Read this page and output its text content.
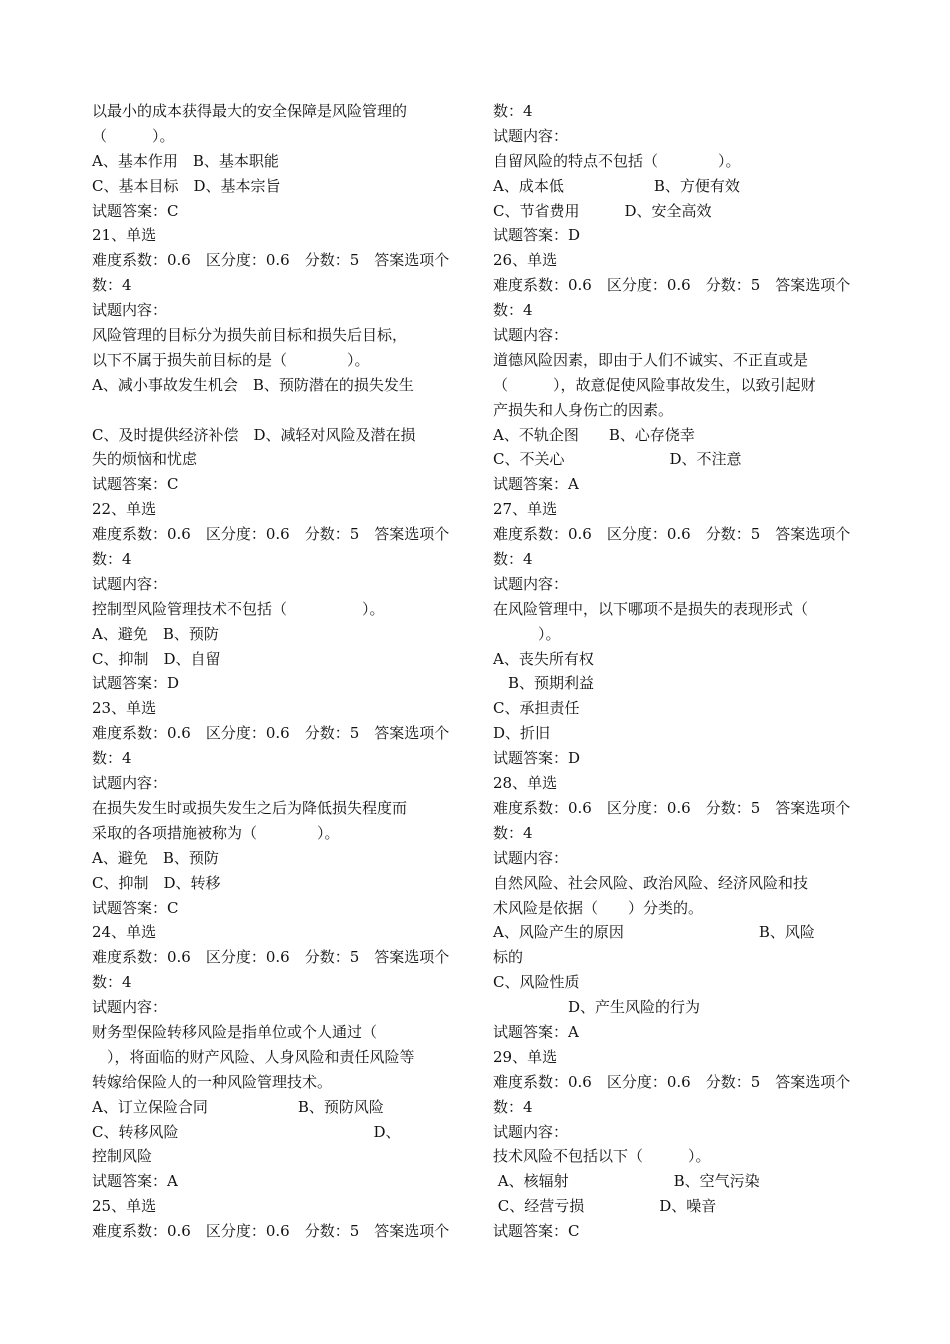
以最小的成本获得最大的安全保障是风险管理的
（　　　）。
A、基本作用　B、基本职能
C、基本目标　D、基本宗旨
试题答案：C
21、单选
难度系数：0.6　区分度：0.6　分数：5　答案选项个
数：4
试题内容：
风险管理的目标分为损失前目标和损失后目标，
以下不属于损失前目标的是（　　　　）。
A、减小事故发生机会　B、预防潜在的损失发生
C、及时提供经济补偿　D、减轻对风险及潜在损
失的烦恼和忧虑
试题答案：C
22、单选
难度系数：0.6　区分度：0.6　分数：5　答案选项个
数：4
试题内容：
控制型风险管理技术不包括（　　　　　）。
A、避免　B、预防
C、抑制　D、自留
试题答案：D
23、单选
难度系数：0.6　区分度：0.6　分数：5　答案选项个
数：4
试题内容：
在损失发生时或损失发生之后为降低损失程度而
采取的各项措施被称为（　　　　）。
A、避免　B、预防
C、抑制　D、转移
试题答案：C
24、单选
难度系数：0.6　区分度：0.6　分数：5　答案选项个
数：4
试题内容：
财务型保险转移风险是指单位或个人通过（
　），将面临的财产风险、人身风险和责任风险等
转嫁给保险人的一种风险管理技术。
A、订立保险合同　　　　　　B、预防风险
C、转移风险　　　　　　　　　　　　　D、
控制风险
试题答案：A
25、单选
难度系数：0.6　区分度：0.6　分数：5　答案选项个
数：4
试题内容：
自留风险的特点不包括（　　　　）。
A、成本低　　　　　　B、方便有效
C、节省费用　　　D、安全高效
试题答案：D
26、单选
难度系数：0.6　区分度：0.6　分数：5　答案选项个
数：4
试题内容：
道德风险因素，即由于人们不诚实、不正直或是
（　　　），故意促使风险事故发生，以致引起财
产损失和人身伤亡的因素。
A、不轨企图　　B、心存侥幸
C、不关心　　　　　　　D、不注意
试题答案：A
27、单选
难度系数：0.6　区分度：0.6　分数：5　答案选项个
数：4
试题内容：
在风险管理中，以下哪项不是损失的表现形式（
　　　）。
A、丧失所有权
　B、预期利益
C、承担责任
D、折旧
试题答案：D
28、单选
难度系数：0.6　区分度：0.6　分数：5　答案选项个
数：4
试题内容：
自然风险、社会风险、政治风险、经济风险和技
术风险是依据（　　）分类的。
A、风险产生的原因　　　　　　　　　B、风险
标的
C、风险性质
　　　　　D、产生风险的行为
试题答案：A
29、单选
难度系数：0.6　区分度：0.6　分数：5　答案选项个
数：4
试题内容：
技术风险不包括以下（　　　）。
A、核辐射　　　　　　　B、空气污染
C、经营亏损　　　　　D、噪音
试题答案：C
